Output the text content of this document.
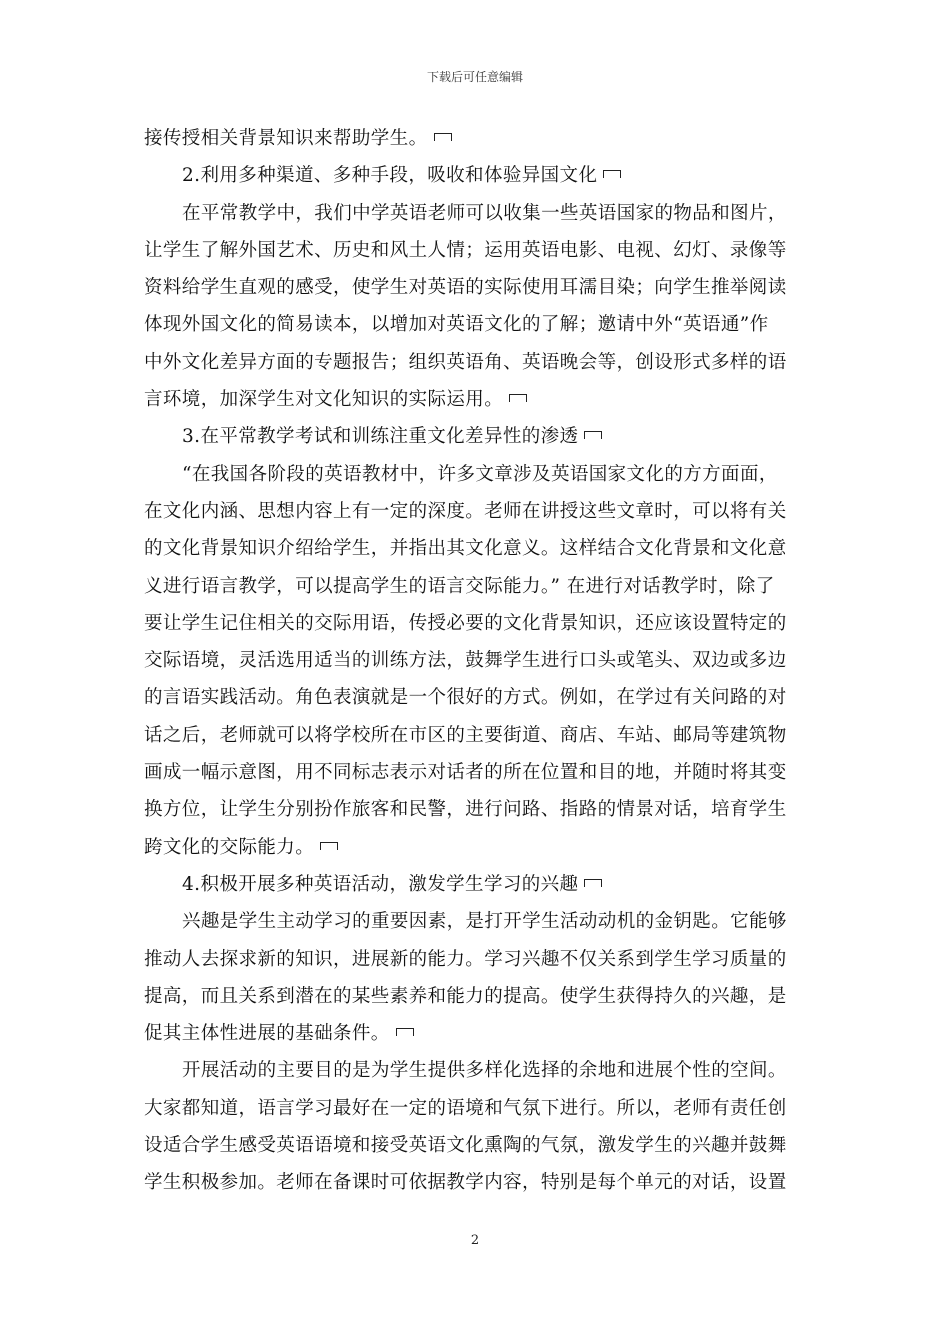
下载后可任意编辑
接传授相关背景知识来帮助学生。
2.利用多种渠道、多种手段，吸收和体验异国文化
在平常教学中，我们中学英语老师可以收集一些英语国家的物品和图片，
让学生了解外国艺术、历史和风土人情；运用英语电影、电视、幻灯、录像等
资料给学生直观的感受，使学生对英语的实际使用耳濡目染；向学生推举阅读
体现外国文化的简易读本，以增加对英语文化的了解；邀请中外“英语通”作
中外文化差异方面的专题报告；组织英语角、英语晚会等，创设形式多样的语
言环境，加深学生对文化知识的实际运用。
3.在平常教学考试和训练注重文化差异性的渗透
“在我国各阶段的英语教材中，许多文章涉及英语国家文化的方方面面，
在文化内涵、思想内容上有一定的深度。老师在讲授这些文章时，可以将有关
的文化背景知识介绍给学生，并指出其文化意义。这样结合文化背景和文化意
义进行语言教学，可以提高学生的语言交际能力。” 在进行对话教学时，除了
要让学生记住相关的交际用语，传授必要的文化背景知识，还应该设置特定的
交际语境，灵活选用适当的训练方法，鼓舞学生进行口头或笔头、双边或多边
的言语实践活动。角色表演就是一个很好的方式。例如，在学过有关问路的对
话之后，老师就可以将学校所在市区的主要街道、商店、车站、邮局等建筑物
画成一幅示意图，用不同标志表示对话者的所在位置和目的地，并随时将其变
换方位，让学生分别扮作旅客和民警，进行问路、指路的情景对话，培育学生
跨文化的交际能力。
4.积极开展多种英语活动，激发学生学习的兴趣
兴趣是学生主动学习的重要因素，是打开学生活动动机的金钥匙。它能够
推动人去探求新的知识，进展新的能力。学习兴趣不仅关系到学生学习质量的
提高，而且关系到潜在的某些素养和能力的提高。使学生获得持久的兴趣，是
促其主体性进展的基础条件。
开展活动的主要目的是为学生提供多样化选择的余地和进展个性的空间。
大家都知道，语言学习最好在一定的语境和气氛下进行。所以，老师有责任创
设适合学生感受英语语境和接受英语文化熏陶的气氛，激发学生的兴趣并鼓舞
学生积极参加。老师在备课时可依据教学内容，特别是每个单元的对话，设置
2
